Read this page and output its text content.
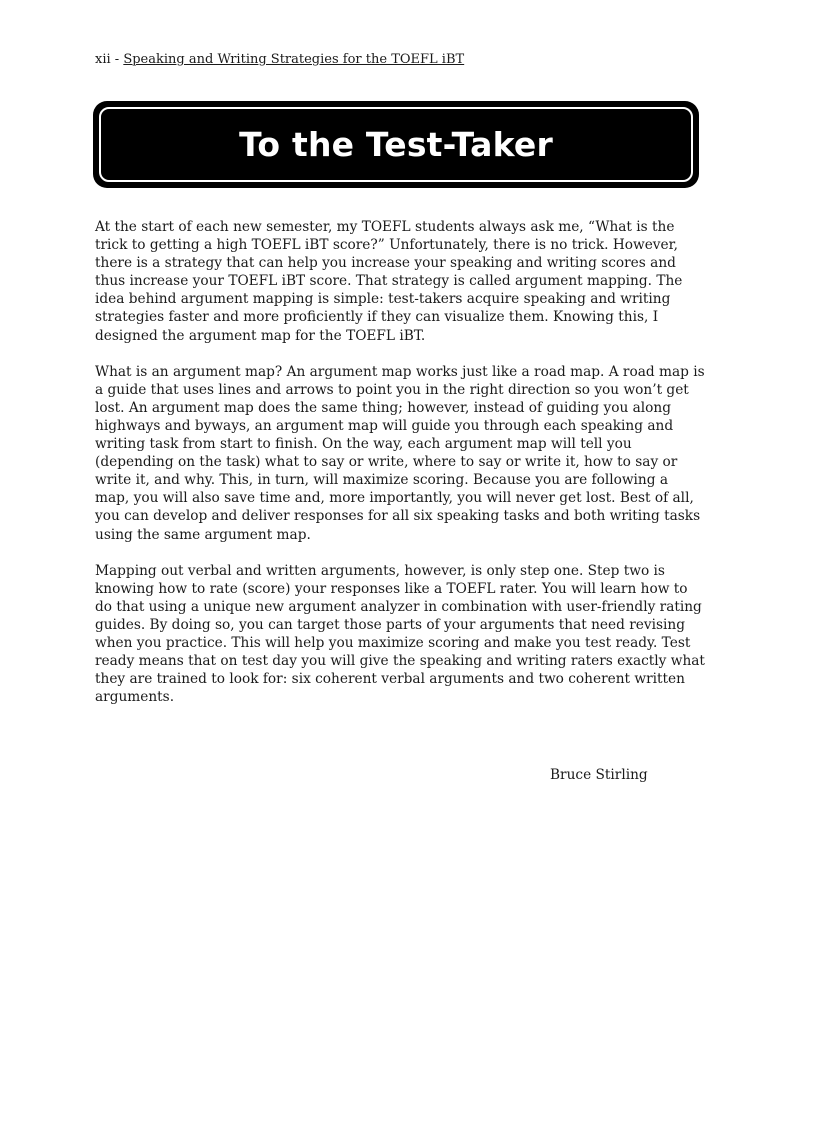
xii - Speaking and Writing Strategies for the TOEFL iBT
To the Test-Taker

At the start of each new semester, my TOEFL students always ask me, “What is the trick to getting a high TOEFL iBT score?” Unfortunately, there is no trick. However, there is a strategy that can help you increase your speaking and writing scores and thus increase your TOEFL iBT score. That strategy is called argument mapping. The idea behind argument mapping is simple: test-takers acquire speaking and writing strategies faster and more proficiently if they can visualize them. Knowing this, I designed the argument map for the TOEFL iBT.

What is an argument map? An argument map works just like a road map. A road map is a guide that uses lines and arrows to point you in the right direction so you won’t get lost. An argument map does the same thing; however, instead of guiding you along highways and byways, an argument map will guide you through each speaking and writing task from start to finish. On the way, each argument map will tell you (depending on the task) what to say or write, where to say or write it, how to say or write it, and why. This, in turn, will maximize scoring. Because you are following a map, you will also save time and, more importantly, you will never get lost. Best of all, you can develop and deliver responses for all six speaking tasks and both writing tasks using the same argument map.

Mapping out verbal and written arguments, however, is only step one. Step two is knowing how to rate (score) your responses like a TOEFL rater. You will learn how to do that using a unique new argument analyzer in combination with user-friendly rating guides. By doing so, you can target those parts of your arguments that need revising when you practice. This will help you maximize scoring and make you test ready. Test ready means that on test day you will give the speaking and writing raters exactly what they are trained to look for: six coherent verbal arguments and two coherent written arguments.

Bruce Stirling
